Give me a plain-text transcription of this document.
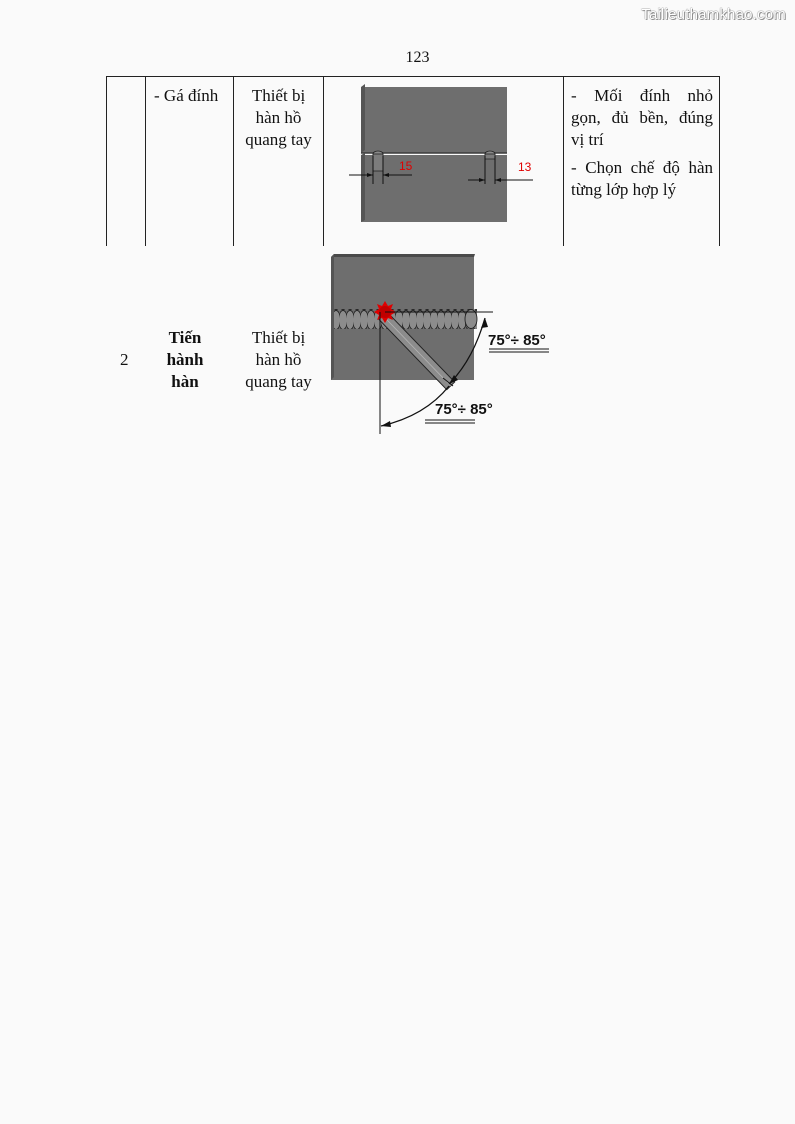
Tailieuthamkhao.com
123
- Gá đính	Thiết bị
hàn hồ
quang tay
15	13
- Mối đính nhỏ
gọn, đủ bền, đúng
vị trí
- Chọn chế độ hàn
từng lớp hợp lý
2
Tiến
hành
hàn
Thiết bị
hàn hồ
quang tay
75°÷ 85°
75°÷ 85°
